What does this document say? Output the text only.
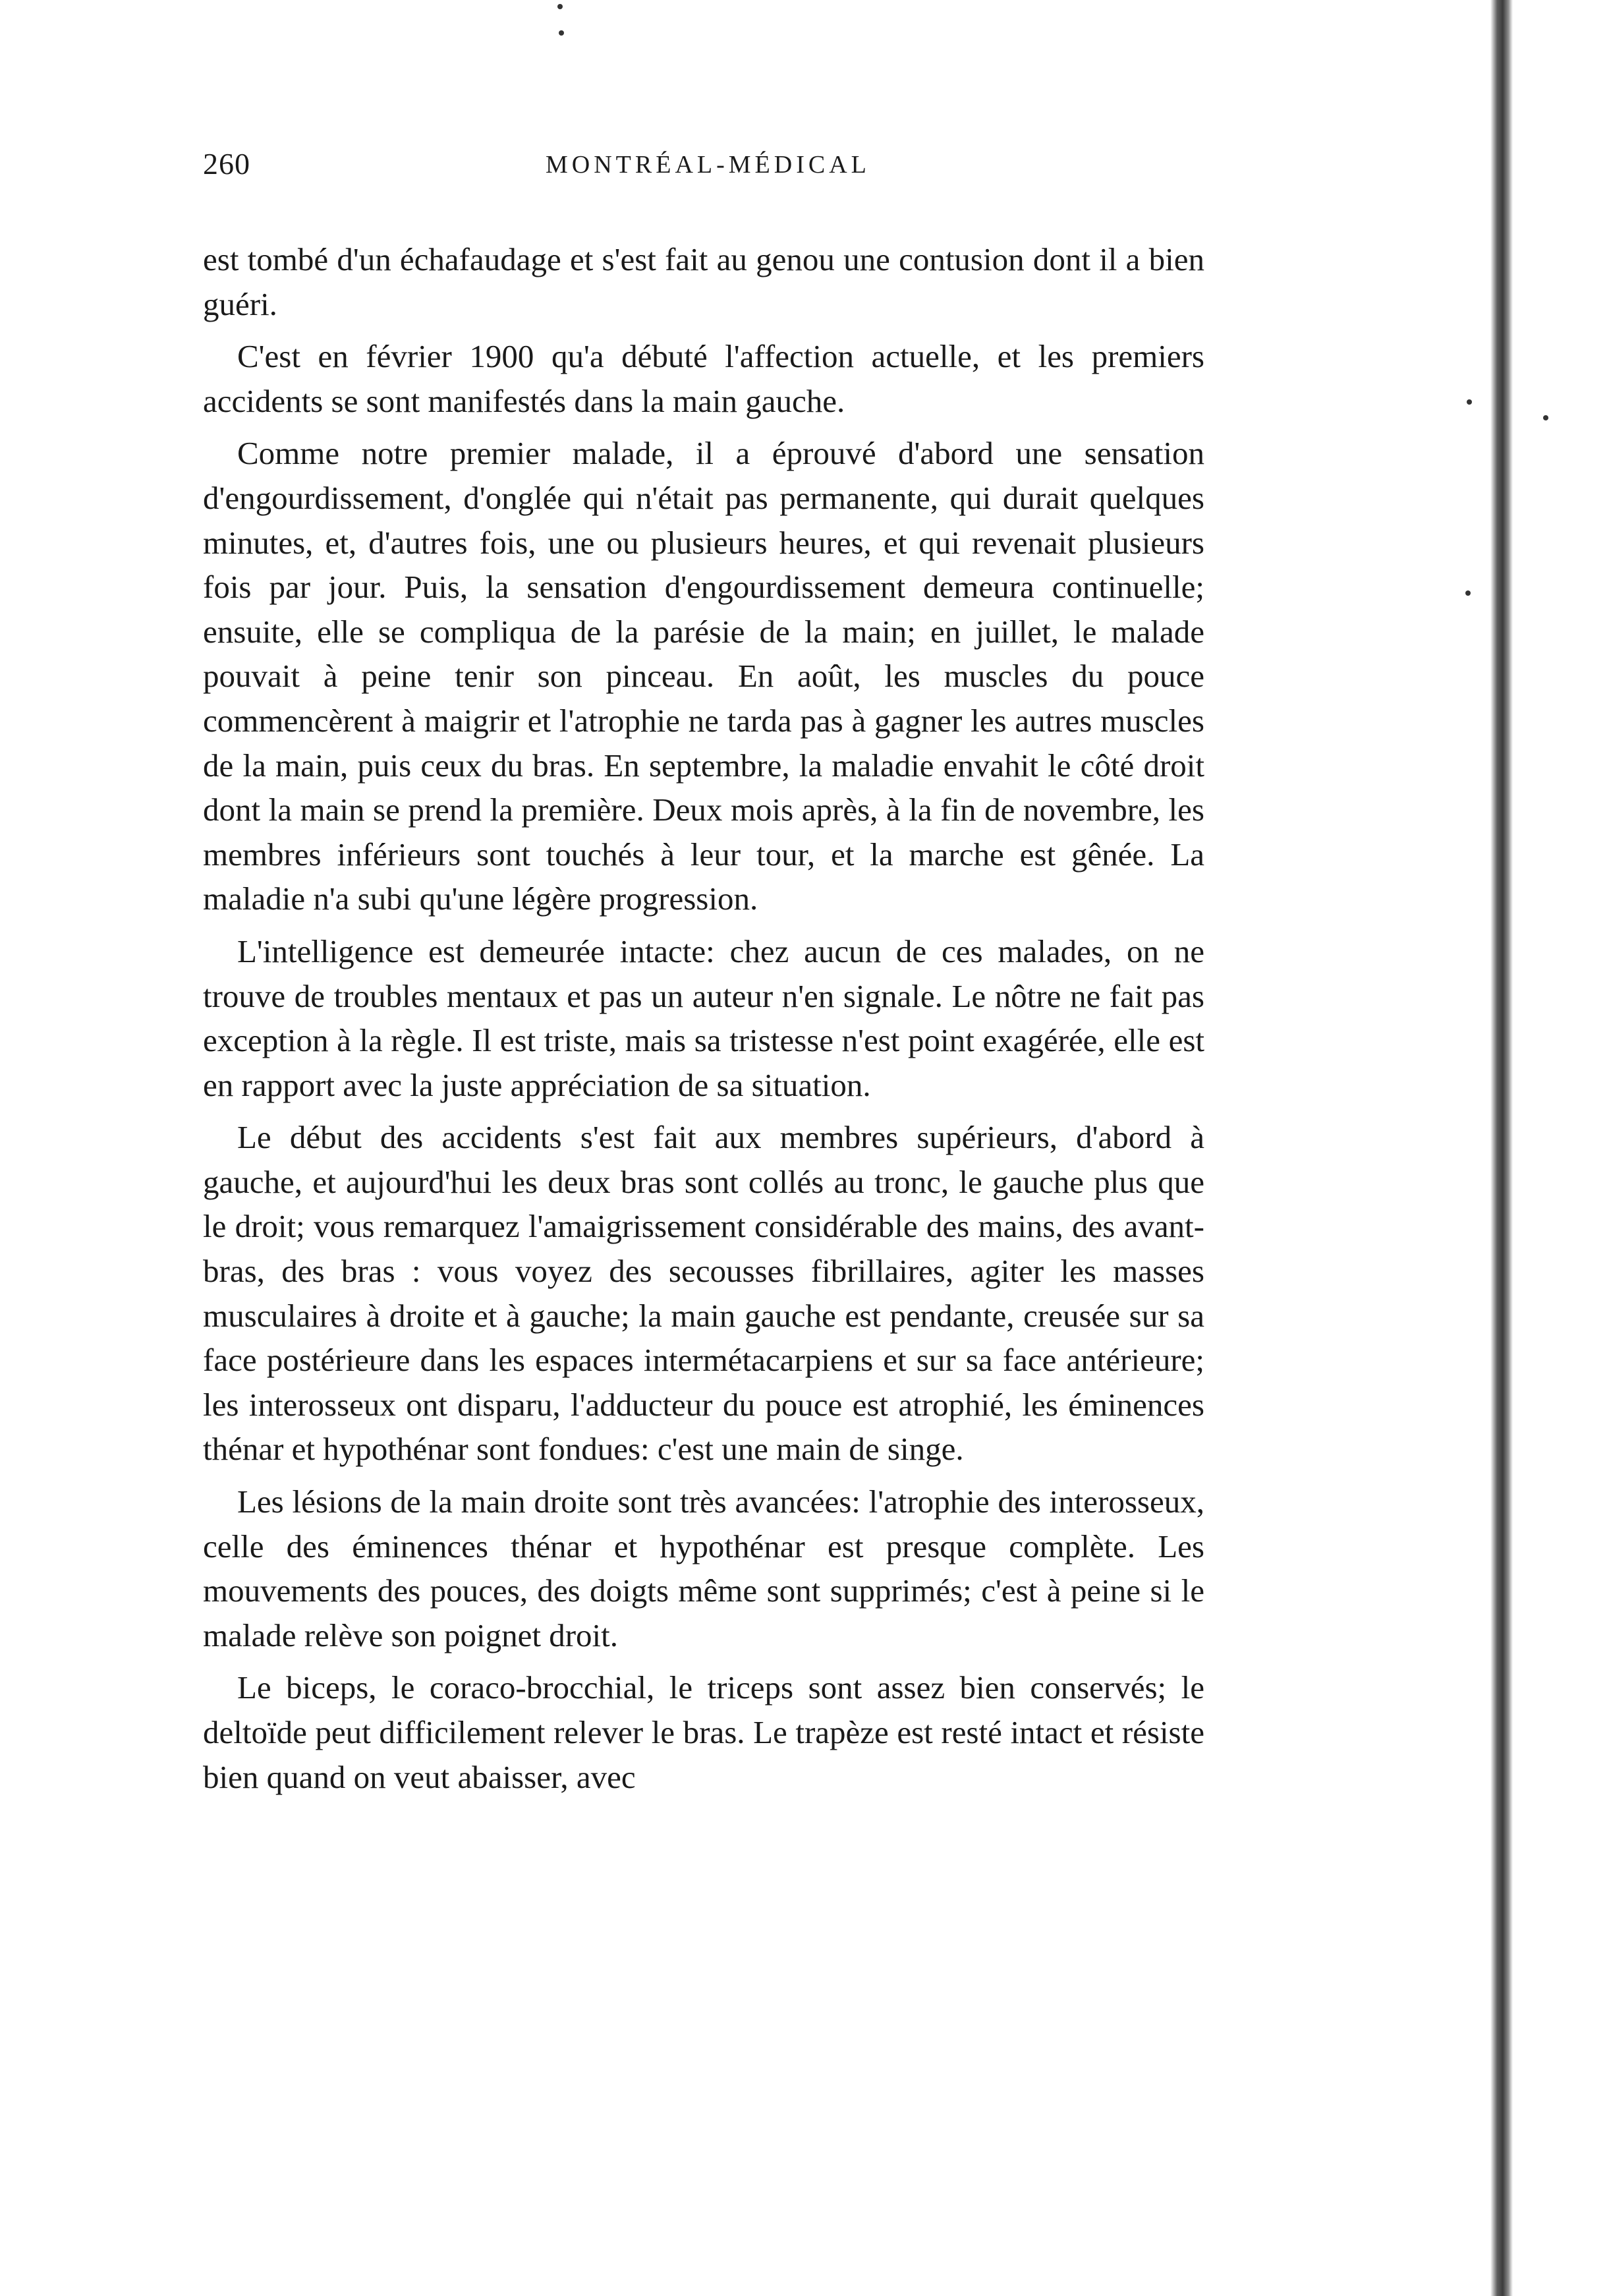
260	MONTRÉAL-MÉDICAL

est tombé d'un échafaudage et s'est fait au genou une contusion dont il a bien guéri.

C'est en février 1900 qu'a débuté l'affection actuelle, et les premiers accidents se sont manifestés dans la main gauche.

Comme notre premier malade, il a éprouvé d'abord une sensation d'engourdissement, d'onglée qui n'était pas permanente, qui durait quelques minutes, et, d'autres fois, une ou plusieurs heures, et qui revenait plusieurs fois par jour. Puis, la sensation d'engourdissement demeura continuelle; ensuite, elle se compliqua de la parésie de la main; en juillet, le malade pouvait à peine tenir son pinceau. En août, les muscles du pouce commencèrent à maigrir et l'atrophie ne tarda pas à gagner les autres muscles de la main, puis ceux du bras. En septembre, la maladie envahit le côté droit dont la main se prend la première. Deux mois après, à la fin de novembre, les membres inférieurs sont touchés à leur tour, et la marche est gênée. La maladie n'a subi qu'une légère progression.

L'intelligence est demeurée intacte: chez aucun de ces malades, on ne trouve de troubles mentaux et pas un auteur n'en signale. Le nôtre ne fait pas exception à la règle. Il est triste, mais sa tristesse n'est point exagérée, elle est en rapport avec la juste appréciation de sa situation.

Le début des accidents s'est fait aux membres supérieurs, d'abord à gauche, et aujourd'hui les deux bras sont collés au tronc, le gauche plus que le droit; vous remarquez l'amaigrissement considérable des mains, des avant-bras, des bras : vous voyez des secousses fibrillaires, agiter les masses musculaires à droite et à gauche; la main gauche est pendante, creusée sur sa face postérieure dans les espaces intermétacarpiens et sur sa face antérieure; les interosseux ont disparu, l'adducteur du pouce est atrophié, les éminences thénar et hypothénar sont fondues: c'est une main de singe.

Les lésions de la main droite sont très avancées: l'atrophie des interosseux, celle des éminences thénar et hypothénar est presque complète. Les mouvements des pouces, des doigts même sont supprimés; c'est à peine si le malade relève son poignet droit.

Le biceps, le coraco-brocchial, le triceps sont assez bien conservés; le deltoïde peut difficilement relever le bras. Le trapèze est resté intact et résiste bien quand on veut abaisser, avec
